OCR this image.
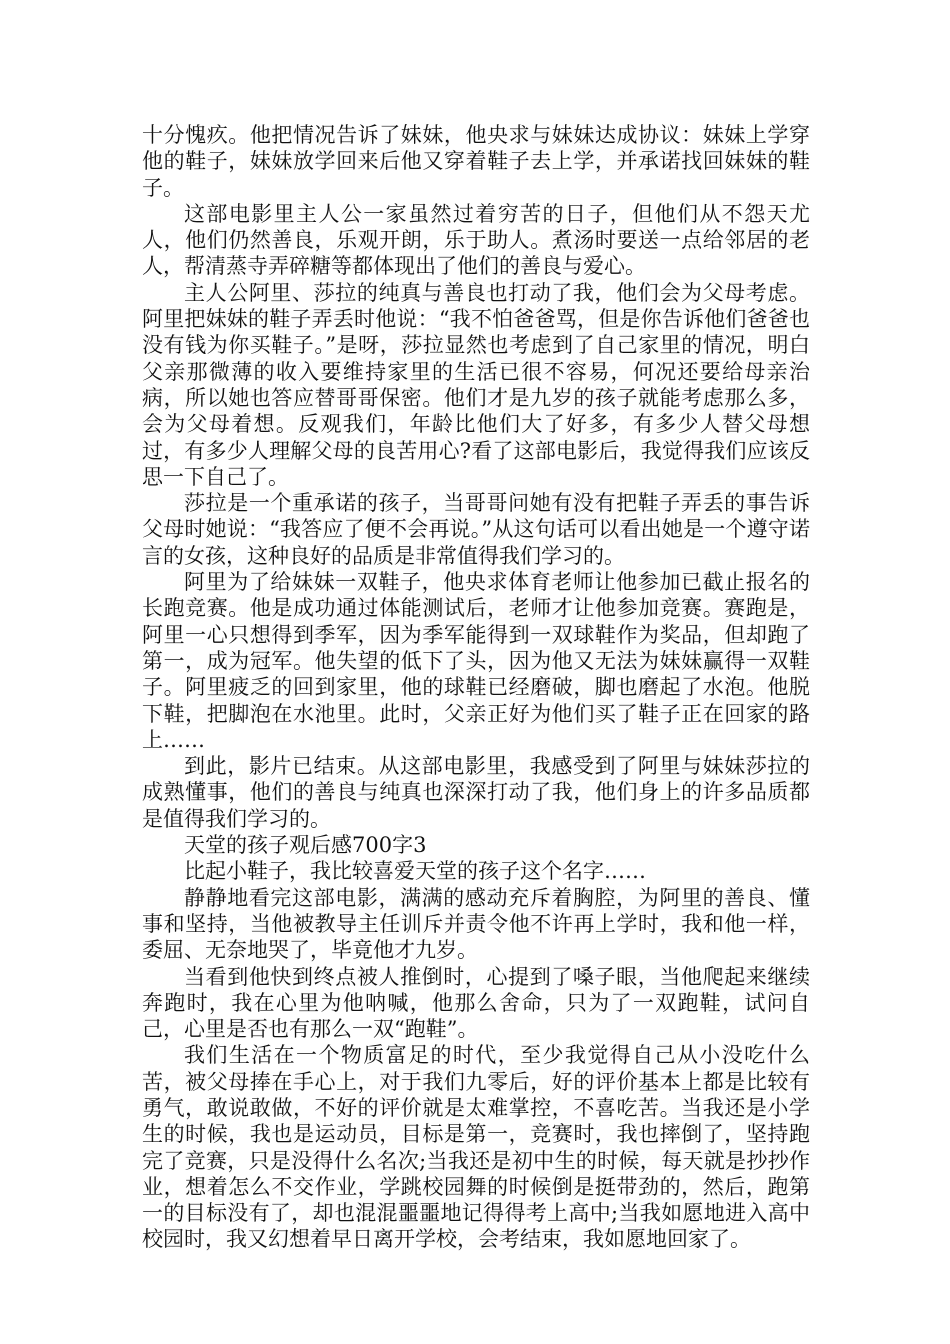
十分愧疚。他把情况告诉了妹妹，他央求与妹妹达成协议：妹妹上学穿他的鞋子，妹妹放学回来后他又穿着鞋子去上学，并承诺找回妹妹的鞋子。

这部电影里主人公一家虽然过着穷苦的日子，但他们从不怨天尤人，他们仍然善良，乐观开朗，乐于助人。煮汤时要送一点给邻居的老人，帮清蒸寺弄碎糖等都体现出了他们的善良与爱心。

主人公阿里、莎拉的纯真与善良也打动了我，他们会为父母考虑。阿里把妹妹的鞋子弄丢时他说：“我不怕爸爸骂，但是你告诉他们爸爸也没有钱为你买鞋子。”是呀，莎拉显然也考虑到了自己家里的情况，明白父亲那微薄的收入要维持家里的生活已很不容易，何况还要给母亲治病，所以她也答应替哥哥保密。他们才是九岁的孩子就能考虑那么多，会为父母着想。反观我们，年龄比他们大了好多，有多少人替父母想过，有多少人理解父母的良苦用心?看了这部电影后，我觉得我们应该反思一下自己了。

莎拉是一个重承诺的孩子，当哥哥问她有没有把鞋子弄丢的事告诉父母时她说：“我答应了便不会再说。”从这句话可以看出她是一个遵守诺言的女孩，这种良好的品质是非常值得我们学习的。

阿里为了给妹妹一双鞋子，他央求体育老师让他参加已截止报名的长跑竞赛。他是成功通过体能测试后，老师才让他参加竞赛。赛跑是，阿里一心只想得到季军，因为季军能得到一双球鞋作为奖品，但却跑了第一，成为冠军。他失望的低下了头，因为他又无法为妹妹赢得一双鞋子。阿里疲乏的回到家里，他的球鞋已经磨破，脚也磨起了水泡。他脱下鞋，把脚泡在水池里。此时，父亲正好为他们买了鞋子正在回家的路上……

到此，影片已结束。从这部电影里，我感受到了阿里与妹妹莎拉的成熟懂事，他们的善良与纯真也深深打动了我，他们身上的许多品质都是值得我们学习的。

天堂的孩子观后感700字3

比起小鞋子，我比较喜爱天堂的孩子这个名字……

静静地看完这部电影，满满的感动充斥着胸腔，为阿里的善良、懂事和坚持，当他被教导主任训斥并责令他不许再上学时，我和他一样，委屈、无奈地哭了，毕竟他才九岁。

当看到他快到终点被人推倒时，心提到了嗓子眼，当他爬起来继续奔跑时，我在心里为他呐喊，他那么舍命，只为了一双跑鞋，试问自己，心里是否也有那么一双“跑鞋”。

我们生活在一个物质富足的时代，至少我觉得自己从小没吃什么苦，被父母捧在手心上，对于我们九零后，好的评价基本上都是比较有勇气，敢说敢做，不好的评价就是太难掌控，不喜吃苦。当我还是小学生的时候，我也是运动员，目标是第一，竞赛时，我也摔倒了，坚持跑完了竞赛，只是没得什么名次;当我还是初中生的时候，每天就是抄抄作业，想着怎么不交作业，学跳校园舞的时候倒是挺带劲的，然后，跑第一的目标没有了，却也混混噩噩地记得得考上高中;当我如愿地进入高中校园时，我又幻想着早日离开学校，会考结束，我如愿地回家了。
